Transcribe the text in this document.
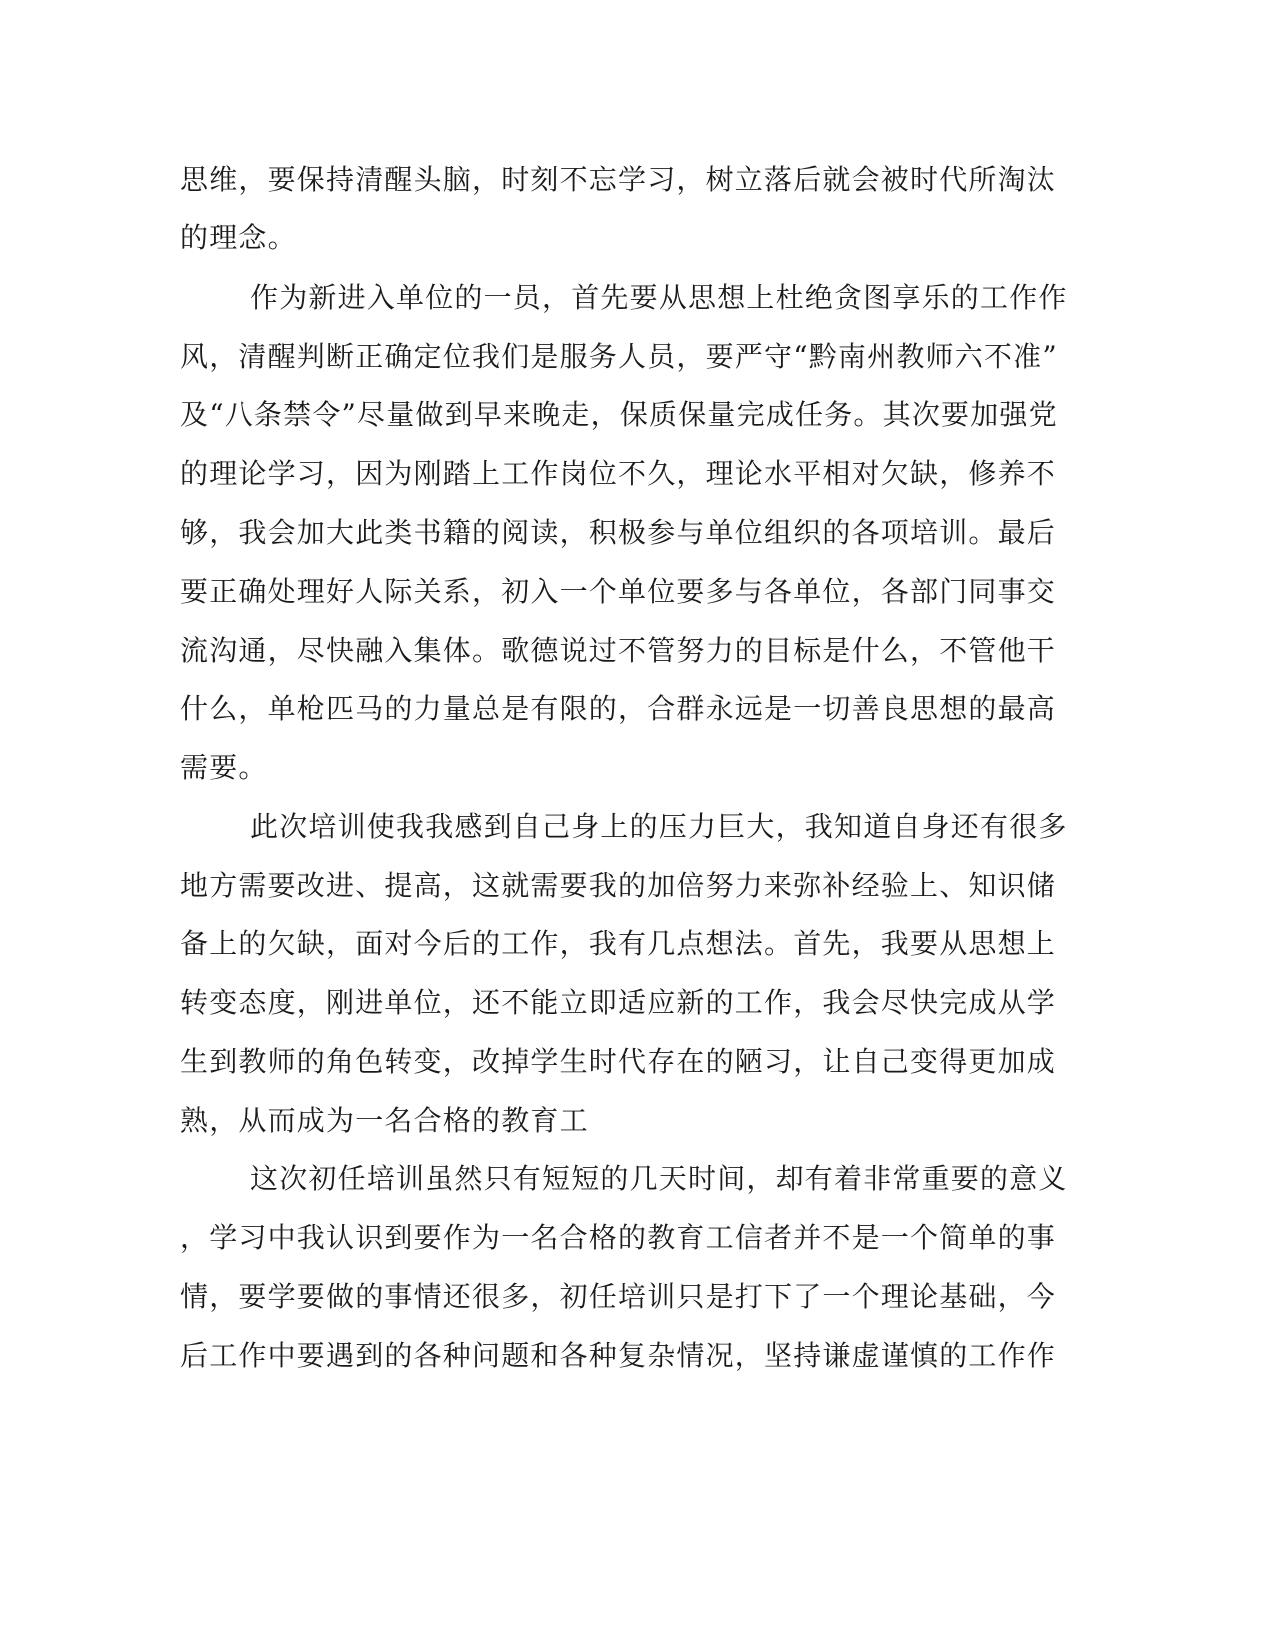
思维，要保持清醒头脑，时刻不忘学习，树立落后就会被时代所淘汰
的理念。
作为新进入单位的一员，首先要从思想上杜绝贪图享乐的工作作
风，清醒判断正确定位我们是服务人员，要严守“黔南州教师六不准”
及“八条禁令”尽量做到早来晚走，保质保量完成任务。其次要加强党
的理论学习，因为刚踏上工作岗位不久，理论水平相对欠缺，修养不
够，我会加大此类书籍的阅读，积极参与单位组织的各项培训。最后
要正确处理好人际关系，初入一个单位要多与各单位，各部门同事交
流沟通，尽快融入集体。歌德说过不管努力的目标是什么，不管他干
什么，单枪匹马的力量总是有限的，合群永远是一切善良思想的最高
需要。
此次培训使我我感到自己身上的压力巨大，我知道自身还有很多
地方需要改进、提高，这就需要我的加倍努力来弥补经验上、知识储
备上的欠缺，面对今后的工作，我有几点想法。首先，我要从思想上
转变态度，刚进单位，还不能立即适应新的工作，我会尽快完成从学
生到教师的角色转变，改掉学生时代存在的陋习，让自己变得更加成
熟，从而成为一名合格的教育工
这次初任培训虽然只有短短的几天时间，却有着非常重要的意义
，学习中我认识到要作为一名合格的教育工信者并不是一个简单的事
情，要学要做的事情还很多，初任培训只是打下了一个理论基础，今
后工作中要遇到的各种问题和各种复杂情况，坚持谦虚谨慎的工作作
